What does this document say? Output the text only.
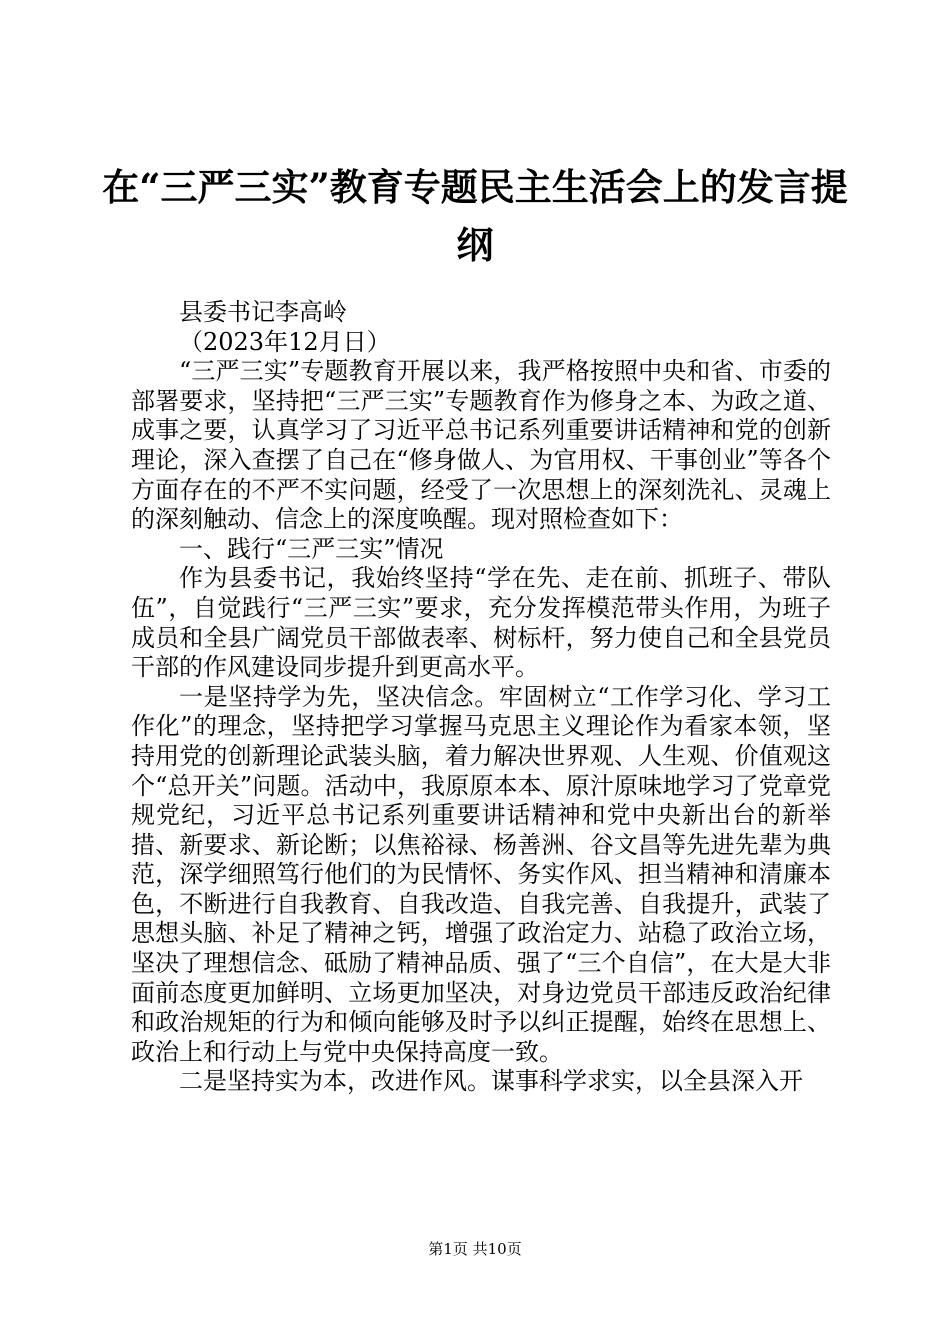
在“三严三实”教育专题民主生活会上的发言提纲

县委书记李高岭

（2023年12月日）

“三严三实”专题教育开展以来，我严格按照中央和省、市委的部署要求，坚持把“三严三实”专题教育作为修身之本、为政之道、成事之要，认真学习了习近平总书记系列重要讲话精神和党的创新理论，深入查摆了自己在“修身做人、为官用权、干事创业”等各个方面存在的不严不实问题，经受了一次思想上的深刻洗礼、灵魂上的深刻触动、信念上的深度唤醒。现对照检查如下：

一、践行“三严三实”情况

作为县委书记，我始终坚持“学在先、走在前、抓班子、带队伍”，自觉践行“三严三实”要求，充分发挥模范带头作用，为班子成员和全县广阔党员干部做表率、树标杆，努力使自己和全县党员干部的作风建设同步提升到更高水平。

一是坚持学为先，坚决信念。牢固树立“工作学习化、学习工作化”的理念，坚持把学习掌握马克思主义理论作为看家本领，坚持用党的创新理论武装头脑，着力解决世界观、人生观、价值观这个“总开关”问题。活动中，我原原本本、原汁原味地学习了党章党规党纪，习近平总书记系列重要讲话精神和党中央新出台的新举措、新要求、新论断；以焦裕禄、杨善洲、谷文昌等先进先辈为典范，深学细照笃行他们的为民情怀、务实作风、担当精神和清廉本色，不断进行自我教育、自我改造、自我完善、自我提升，武装了思想头脑、补足了精神之钙，增强了政治定力、站稳了政治立场，坚决了理想信念、砥励了精神品质、强了“三个自信”，在大是大非面前态度更加鲜明、立场更加坚决，对身边党员干部违反政治纪律和政治规矩的行为和倾向能够及时予以纠正提醒，始终在思想上、政治上和行动上与党中央保持高度一致。

二是坚持实为本，改进作风。谋事科学求实，以全县深入开

第1页 共10页
